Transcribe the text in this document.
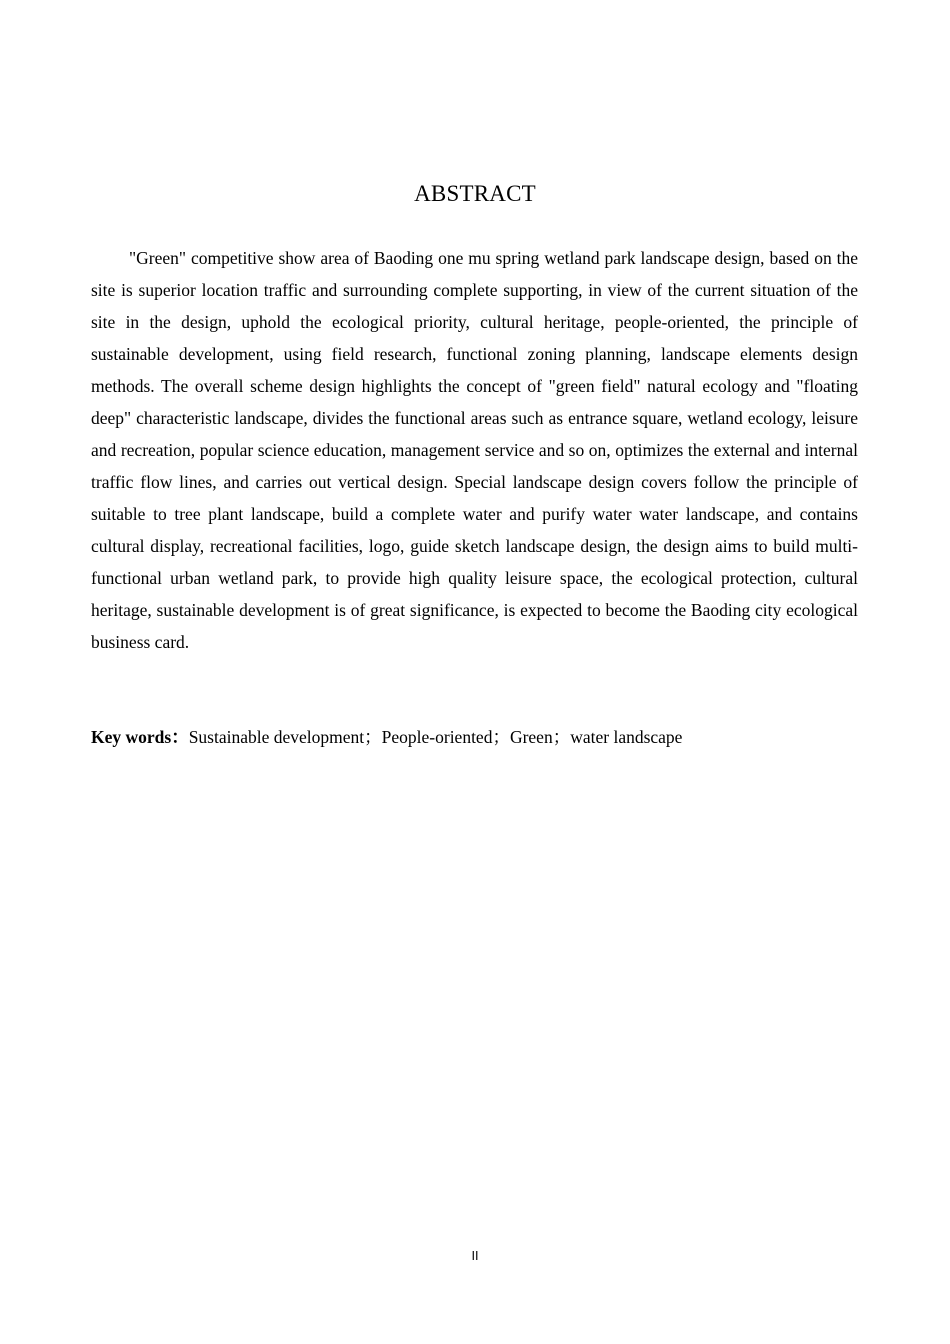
ABSTRACT

"Green" competitive show area of Baoding one mu spring wetland park landscape design, based on the site is superior location traffic and surrounding complete supporting, in view of the current situation of the site in the design, uphold the ecological priority, cultural heritage, people-oriented, the principle of sustainable development, using field research, functional zoning planning, landscape elements design methods. The overall scheme design highlights the concept of "green field" natural ecology and "floating deep" characteristic landscape, divides the functional areas such as entrance square, wetland ecology, leisure and recreation, popular science education, management service and so on, optimizes the external and internal traffic flow lines, and carries out vertical design. Special landscape design covers follow the principle of suitable to tree plant landscape, build a complete water and purify water water landscape, and contains cultural display, recreational facilities, logo, guide sketch landscape design, the design aims to build multi-functional urban wetland park, to provide high quality leisure space, the ecological protection, cultural heritage, sustainable development is of great significance, is expected to become the Baoding city ecological business card.

Key words：Sustainable development；People-oriented；Green；water landscape
II
